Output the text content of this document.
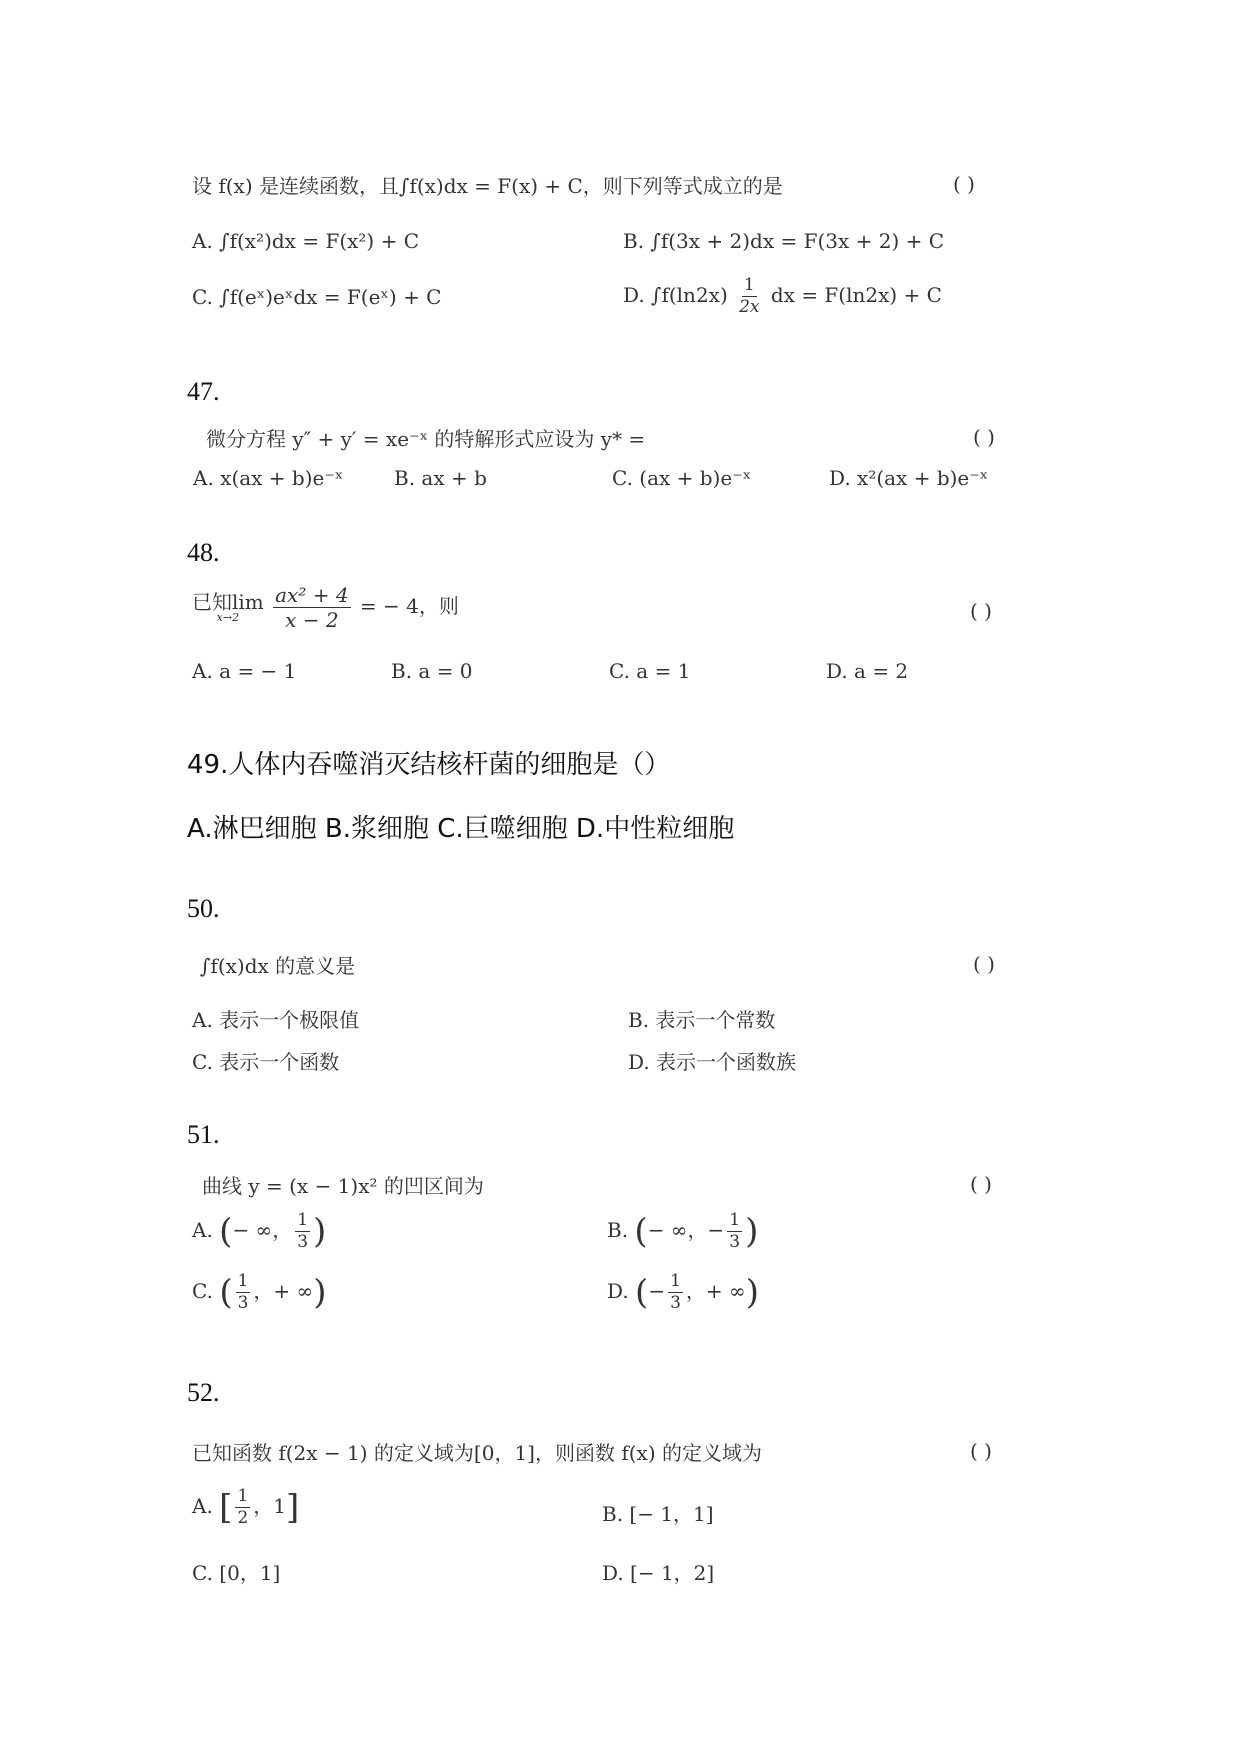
设 f(x) 是连续函数，且∫f(x)dx = F(x) + C，则下列等式成立的是	( )
A. ∫f(x²)dx = F(x²) + C	B. ∫f(3x + 2)dx = F(3x + 2) + C
C. ∫f(eˣ)eˣdx = F(eˣ) + C	D. $\int f(\ln 2x) \frac{1}{2x}$ dx = F(ln2x) + C
47.
微分方程 y″ + y′ = xe⁻ˣ 的特解形式应设为 y* =	( )
A. x(ax + b)e⁻ˣ	B. ax + b	C. (ax + b)e⁻ˣ	D. x²(ax + b)e⁻ˣ
48.
已知lim
x→2
$\frac{\text{ax² + 4}}{x - 2}$ = − 4，则	( )
A. a = − 1	B. a = 0	C. a = 1	D. a = 2
49.人体内吞噬消灭结核杆菌的细胞是（）
A.淋巴细胞 B.浆细胞 C.巨噬细胞 D.中性粒细胞
50.
∫f(x)dx 的意义是	( )
A. 表示一个极限值	B. 表示一个常数
C. 表示一个函数	D. 表示一个函数族
51.
曲线 y = (x − 1)x² 的凹区间为	( )
A. (− ∞， $\frac{1}{3}$ )	B. (− ∞，− $\frac{1}{3}$ )
C. ( $\frac{1}{3}$ ，+ ∞)	D. (− $\frac{1}{3}$ ，+ ∞)
52.
已知函数 f(2x − 1) 的定义域为[0，1]，则函数 f(x) 的定义域为	( )
A. [ $\frac{1}{2}$ ，1]	B. [− 1，1]
C. [0，1]	D. [− 1，2]
